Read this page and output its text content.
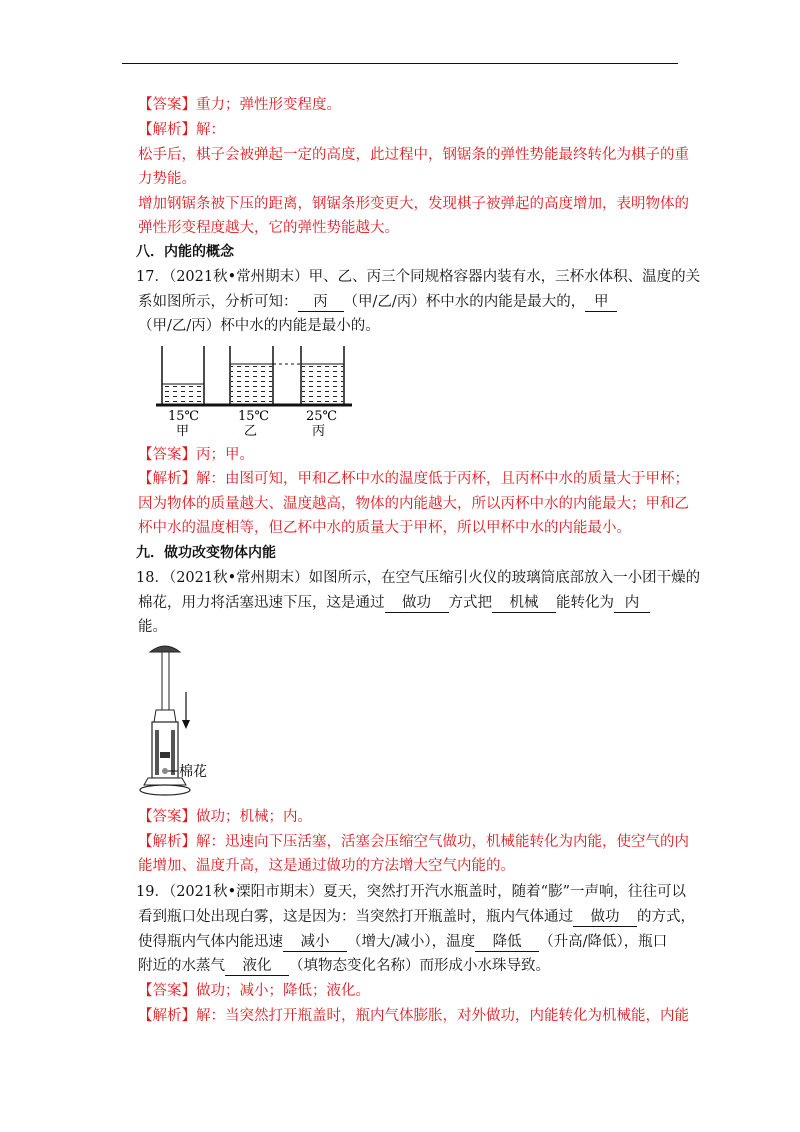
【答案】重力；弹性形变程度。
【解析】解：
松手后，棋子会被弹起一定的高度，此过程中，钢锯条的弹性势能最终转化为棋子的重
力势能。
增加钢锯条被下压的距离，钢锯条形变更大，发现棋子被弹起的高度增加，表明物体的
弹性形变程度越大，它的弹性势能越大。
八．内能的概念
17．（2021秋•常州期末）甲、乙、丙三个同规格容器内装有水，三杯水体积、温度的关
系如图所示，分析可知： 丙 （甲/乙/丙）杯中水的内能是最大的， 甲
（甲/乙/丙）杯中水的内能是最小的。
15℃	15℃	25℃
甲	乙	丙
【答案】丙；甲。
【解析】解：由图可知，甲和乙杯中水的温度低于丙杯，且丙杯中水的质量大于甲杯；
因为物体的质量越大、温度越高，物体的内能越大，所以丙杯中水的内能最大；甲和乙
杯中水的温度相等，但乙杯中水的质量大于甲杯，所以甲杯中水的内能最小。
九．做功改变物体内能
18．（2021秋•常州期末）如图所示，在空气压缩引火仪的玻璃筒底部放入一小团干燥的
棉花，用力将活塞迅速下压，这是通过 做功 方式把 机械 能转化为 内
能。
棉花
【答案】做功；机械；内。
【解析】解：迅速向下压活塞，活塞会压缩空气做功，机械能转化为内能，使空气的内
能增加、温度升高，这是通过做功的方法增大空气内能的。
19．（2021秋•溧阳市期末）夏天，突然打开汽水瓶盖时，随着“膨”一声响，往往可以
看到瓶口处出现白雾，这是因为：当突然打开瓶盖时，瓶内气体通过 做功 的方式，
使得瓶内气体内能迅速 减小 （增大/减小），温度 降低 （升高/降低），瓶口
附近的水蒸气 液化 （填物态变化名称）而形成小水珠导致。
【答案】做功；减小；降低；液化。
【解析】解：当突然打开瓶盖时，瓶内气体膨胀，对外做功，内能转化为机械能，内能
